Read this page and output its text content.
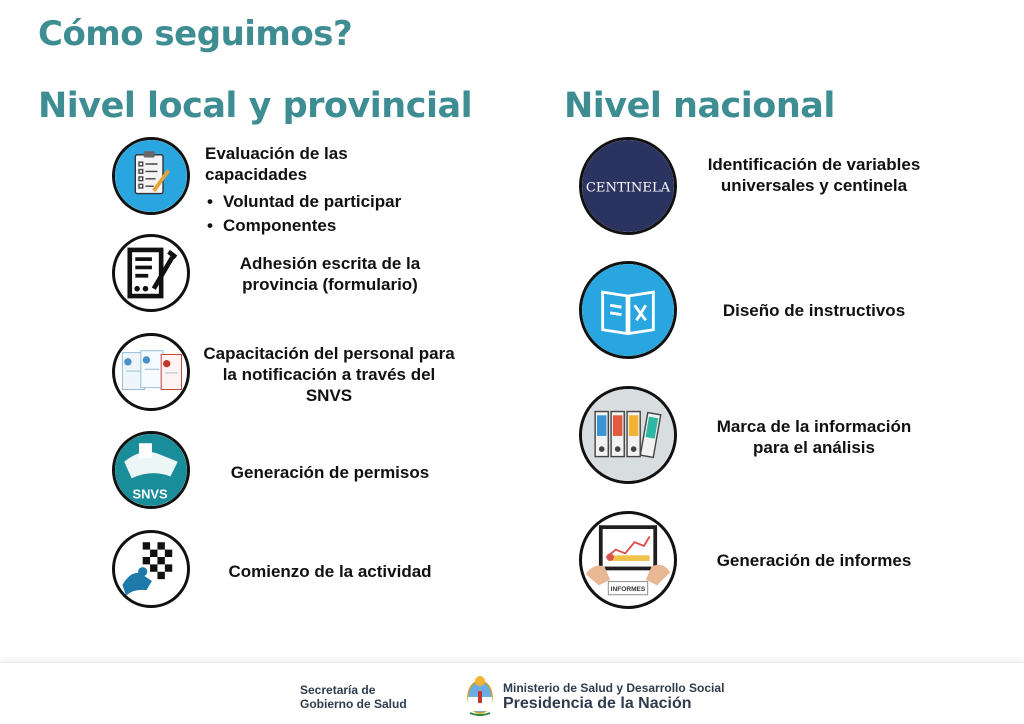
Cómo seguimos?
Nivel local y provincial	Nivel nacional
Evaluación de las capacidades
• Voluntad de participar
• Componentes
Adhesión escrita de la provincia (formulario)
Capacitación del personal para la notificación a través del SNVS
SNVS
Generación de permisos
Comienzo de la actividad
CENTINELA
Identificación de variables universales y centinela
Diseño de instructivos
Marca de la información para el análisis
INFORMES
Generación de informes
Secretaría de
Gobierno de Salud
Ministerio de Salud y Desarrollo Social
Presidencia de la Nación
